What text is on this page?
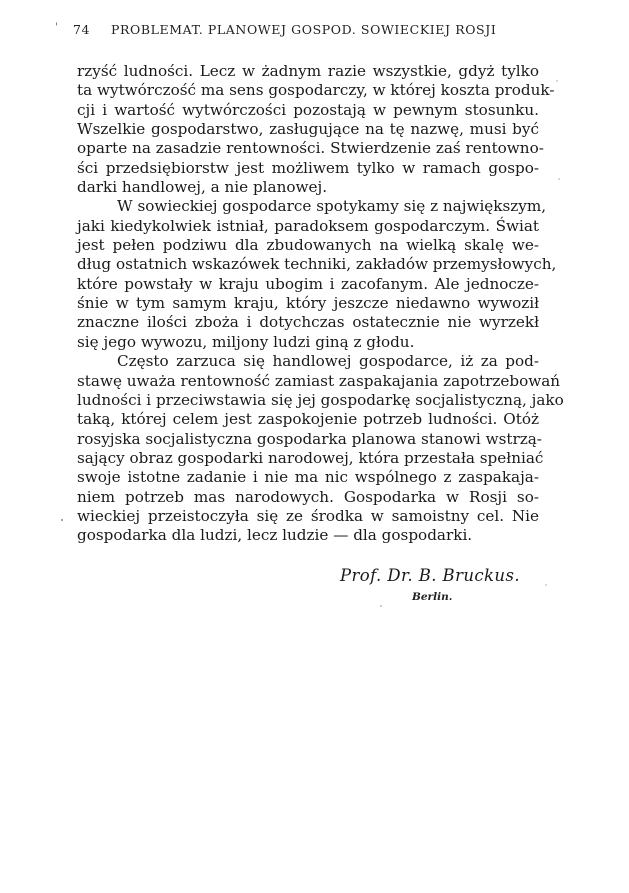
' 74 PROBLEMAT. PLANOWEJ GOSPOD. SOWIECKIEJ ROSJI
rzyść ludności. Lecz w żadnym razie wszystkie, gdyż tylko
ta wytwórczość ma sens gospodarczy, w której koszta produk-
cji i wartość wytwórczości pozostają w pewnym stosunku.
Wszelkie gospodarstwo, zasługujące na tę nazwę, musi być
oparte na zasadzie rentowności. Stwierdzenie zaś rentowno-
ści przedsiębiorstw jest możliwem tylko w ramach gospo-
darki handlowej, a nie planowej.
W sowieckiej gospodarce spotykamy się z największym,
jaki kiedykolwiek istniał, paradoksem gospodarczym. Świat
jest pełen podziwu dla zbudowanych na wielką skalę we-
dług ostatnich wskazówek techniki, zakładów przemysłowych,
które powstały w kraju ubogim i zacofanym. Ale jednocze-
śnie w tym samym kraju, który jeszcze niedawno wywoził
znaczne ilości zboża i dotychczas ostatecznie nie wyrzekł
się jego wywozu, miljony ludzi giną z głodu.
Często zarzuca się handlowej gospodarce, iż za pod-
stawę uważa rentowność zamiast zaspakajania zapotrzebowań
ludności i przeciwstawia się jej gospodarkę socjalistyczną, jako
taką, której celem jest zaspokojenie potrzeb ludności. Otóż
rosyjska socjalistyczna gospodarka planowa stanowi wstrzą-
sający obraz gospodarki narodowej, która przestała spełniać
swoje istotne zadanie i nie ma nic wspólnego z zaspakaja-
niem potrzeb mas narodowych. Gospodarka w Rosji so-
wieckiej przeistoczyła się ze środka w samoistny cel. Nie
gospodarka dla ludzi, lecz ludzie — dla gospodarki.
Prof. Dr. B. Bruckus.
Berlin.
